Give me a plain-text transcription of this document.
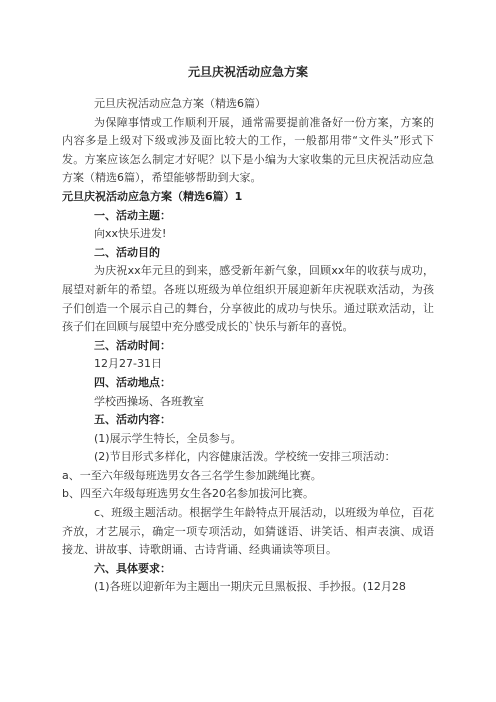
元旦庆祝活动应急方案

元旦庆祝活动应急方案（精选6篇）

为保障事情或工作顺利开展，通常需要提前准备好一份方案，方案的内容多是上级对下级或涉及面比较大的工作，一般都用带“文件头”形式下发。方案应该怎么制定才好呢？以下是小编为大家收集的元旦庆祝活动应急方案（精选6篇），希望能够帮助到大家。

元旦庆祝活动应急方案（精选6篇）1

一、活动主题：

向xx快乐进发!

二、活动目的

为庆祝xx年元旦的到来，感受新年新气象，回顾xx年的收获与成功，展望对新年的希望。各班以班级为单位组织开展迎新年庆祝联欢活动，为孩子们创造一个展示自己的舞台，分享彼此的成功与快乐。通过联欢活动，让孩子们在回顾与展望中充分感受成长的`快乐与新年的喜悦。

三、活动时间：

12月27-31日

四、活动地点：

学校西操场、各班教室

五、活动内容：

(1)展示学生特长，全员参与。

(2)节目形式多样化，内容健康活泼。学校统一安排三项活动：

a、一至六年级每班选男女各三名学生参加跳绳比赛。

b、四至六年级每班选男女生各20名参加拔河比赛。

c、班级主题活动。根据学生年龄特点开展活动，以班级为单位，百花齐放，才艺展示，确定一项专项活动，如猜谜语、讲笑话、相声表演、成语接龙、讲故事、诗歌朗诵、古诗背诵、经典诵读等项目。

六、具体要求：

(1)各班以迎新年为主题出一期庆元旦黑板报、手抄报。(12月28
